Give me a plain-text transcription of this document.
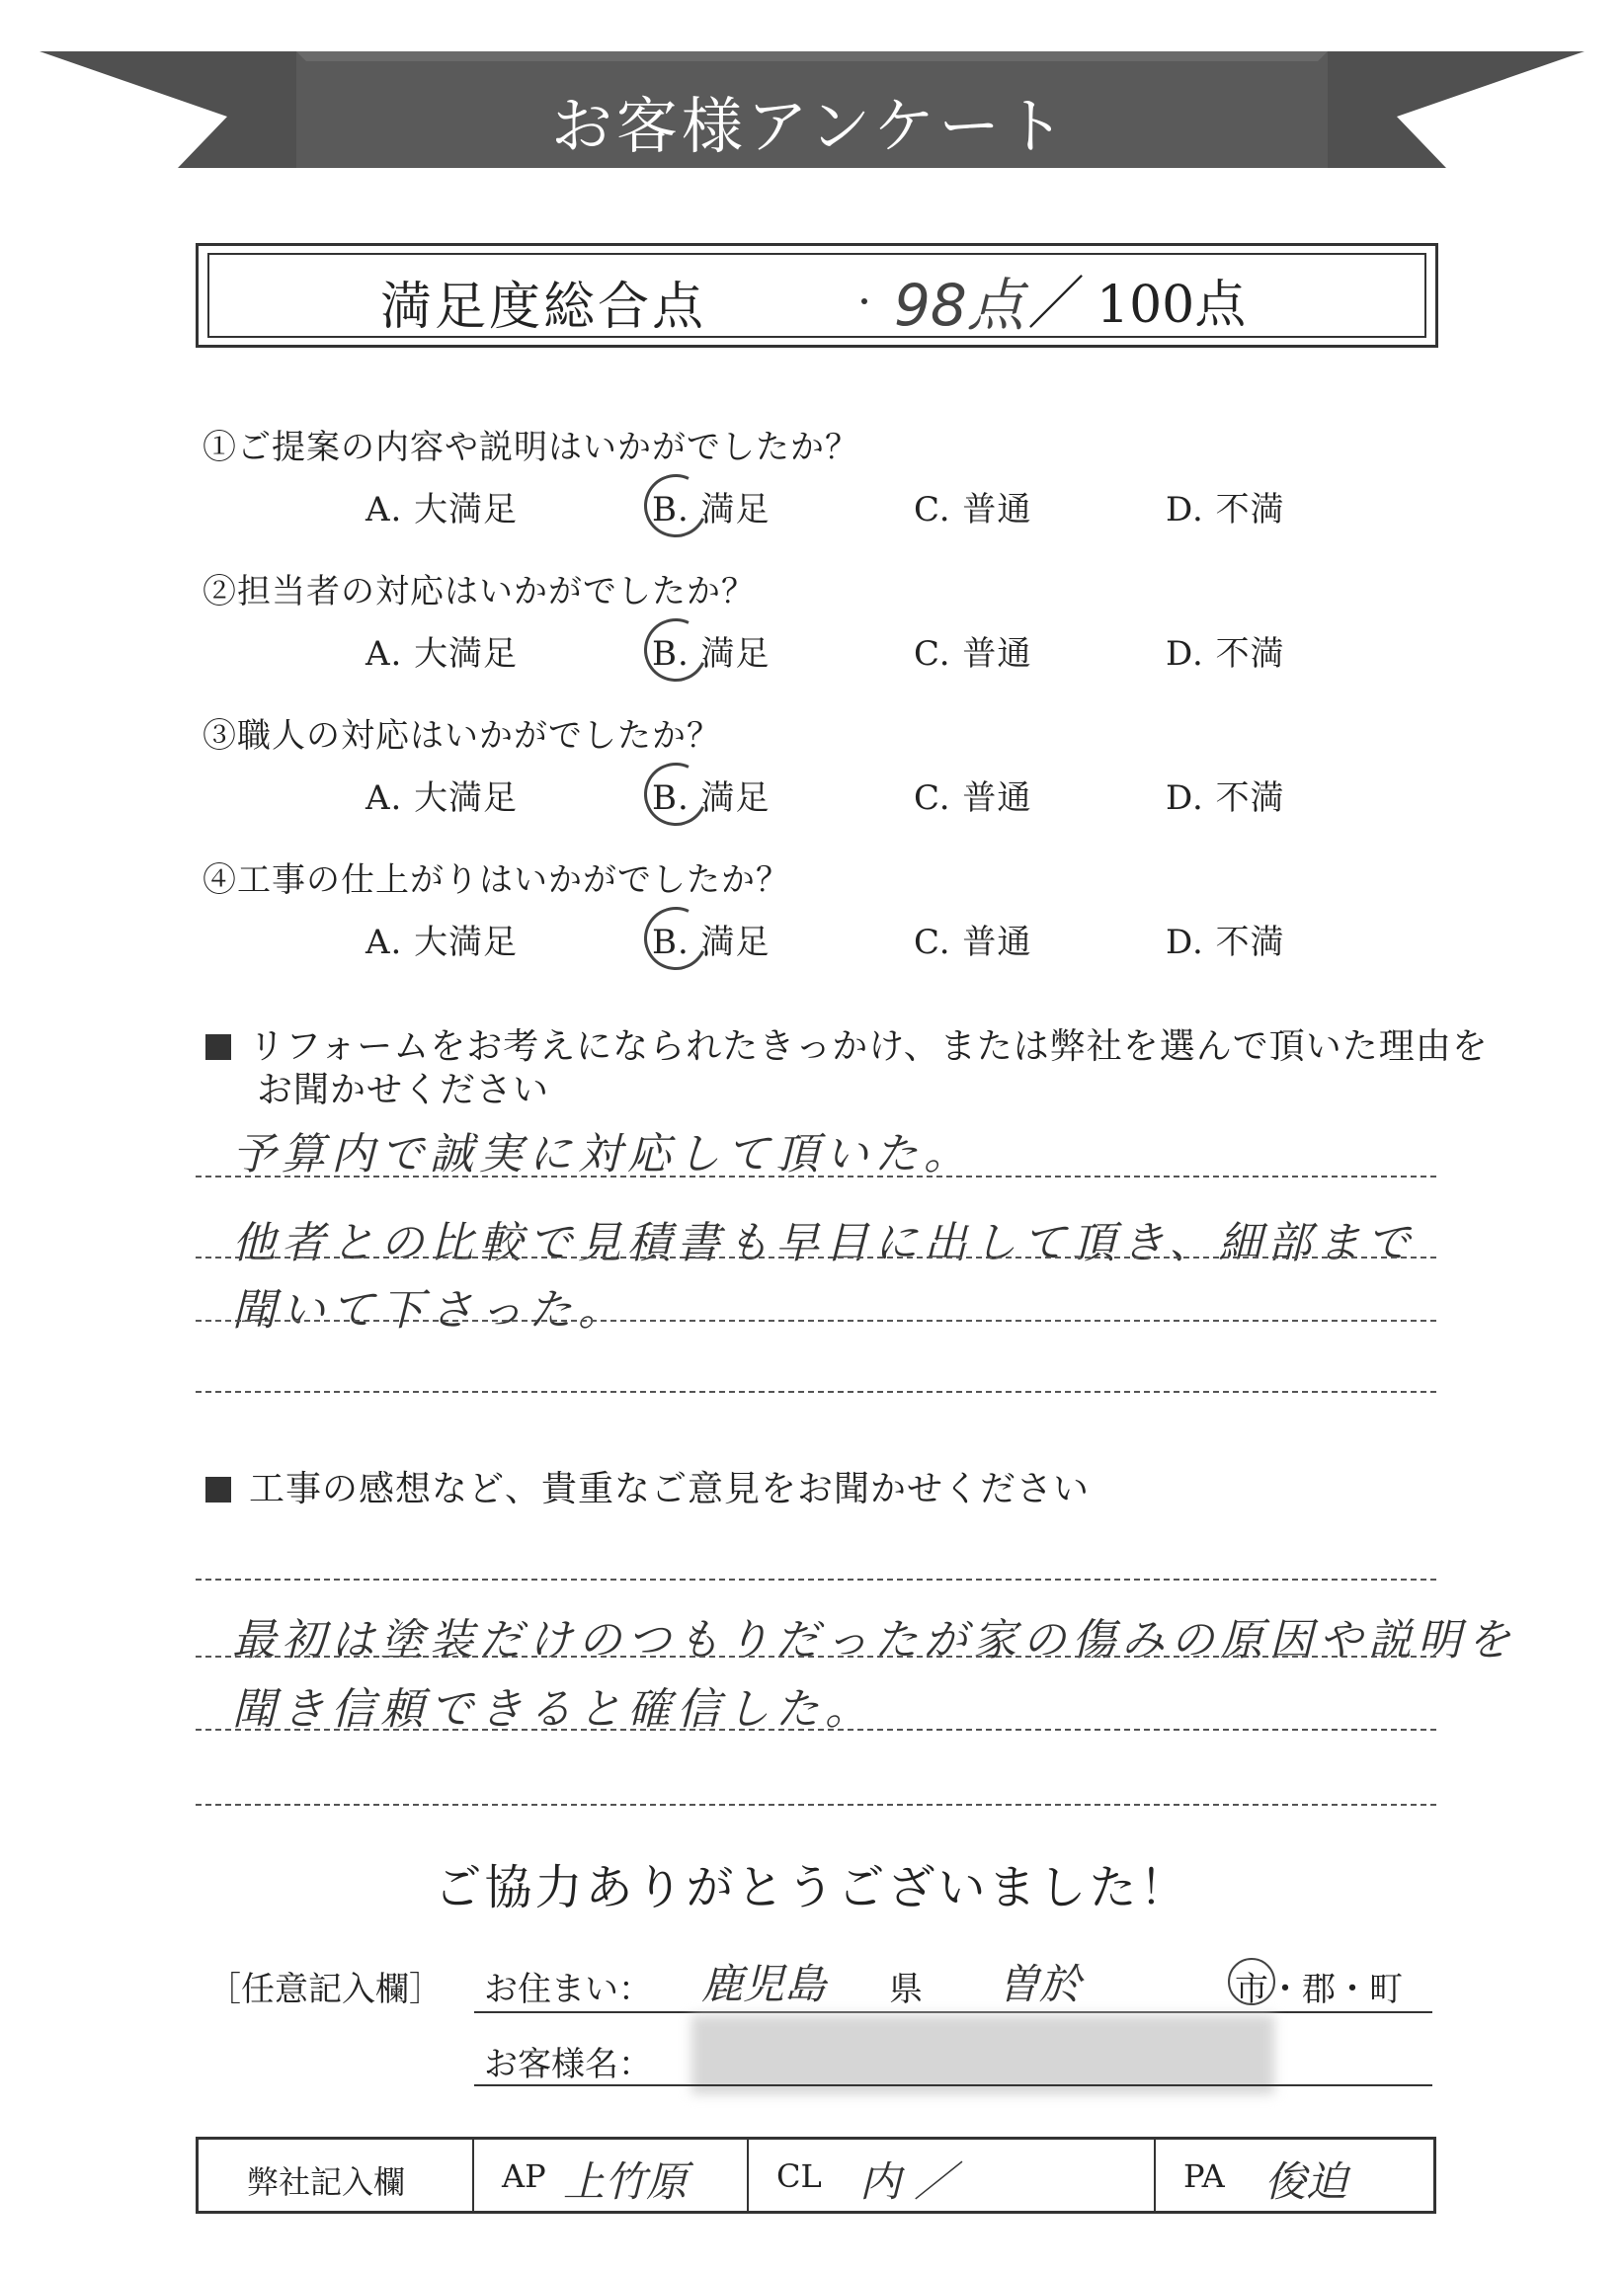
お客様アンケート
満足度総合点	98点 ／ 100点
①ご提案の内容や説明はいかがでしたか？
A. 大満足	B. 満足	C. 普通	D. 不満
②担当者の対応はいかがでしたか？
A. 大満足	B. 満足	C. 普通	D. 不満
③職人の対応はいかがでしたか？
A. 大満足	B. 満足	C. 普通	D. 不満
④工事の仕上がりはいかがでしたか？
A. 大満足	B. 満足	C. 普通	D. 不満
リフォームをお考えになられたきっかけ、または弊社を選んで頂いた理由を
お聞かせください
予算内で誠実に対応して頂いた。
他者との比較で見積書も早目に出して頂き、細部まで
聞いて下さった。
工事の感想など、貴重なご意見をお聞かせください
最初は塗装だけのつもりだったが家の傷みの原因や説明を
聞き信頼できると確信した。
ご協力ありがとうございました！
［任意記入欄］ お住まい： 鹿児島 県 曽於	市・郡・町
お客様名：
弊社記入欄	AP 上竹原	CL 内 ／	PA 俊迫
